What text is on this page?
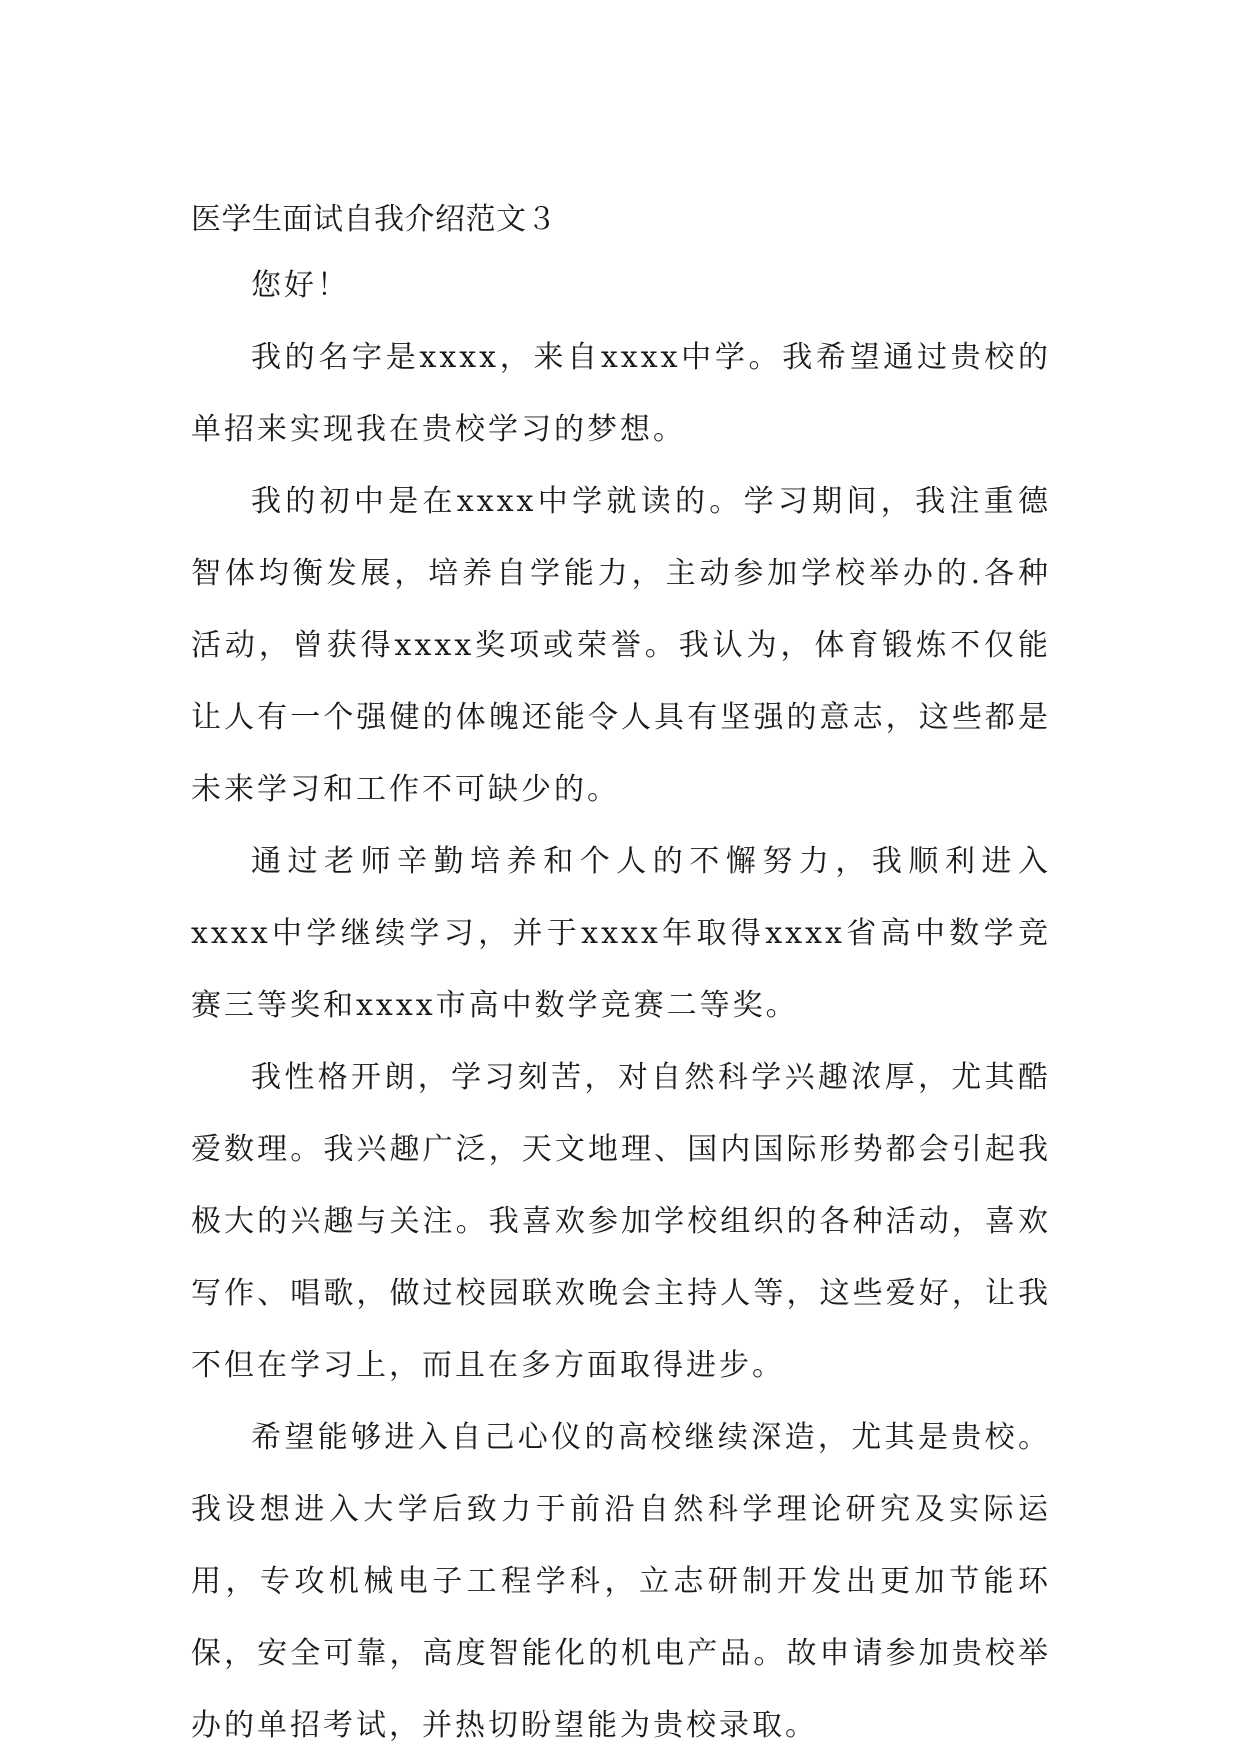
医学生面试自我介绍范文３

您好！

我的名字是xxxx，来自xxxx中学。我希望通过贵校的单招来实现我在贵校学习的梦想。

我的初中是在xxxx中学就读的。学习期间，我注重德智体均衡发展，培养自学能力，主动参加学校举办的.各种活动，曾获得xxxx奖项或荣誉。我认为，体育锻炼不仅能让人有一个强健的体魄还能令人具有坚强的意志，这些都是未来学习和工作不可缺少的。

通过老师辛勤培养和个人的不懈努力，我顺利进入xxxx中学继续学习，并于xxxx年取得xxxx省高中数学竞赛三等奖和xxxx市高中数学竞赛二等奖。

我性格开朗，学习刻苦，对自然科学兴趣浓厚，尤其酷爱数理。我兴趣广泛，天文地理、国内国际形势都会引起我极大的兴趣与关注。我喜欢参加学校组织的各种活动，喜欢写作、唱歌，做过校园联欢晚会主持人等，这些爱好，让我不但在学习上，而且在多方面取得进步。

希望能够进入自己心仪的高校继续深造，尤其是贵校。我设想进入大学后致力于前沿自然科学理论研究及实际运用，专攻机械电子工程学科，立志研制开发出更加节能环保，安全可靠，高度智能化的机电产品。故申请参加贵校举办的单招考试，并热切盼望能为贵校录取。
